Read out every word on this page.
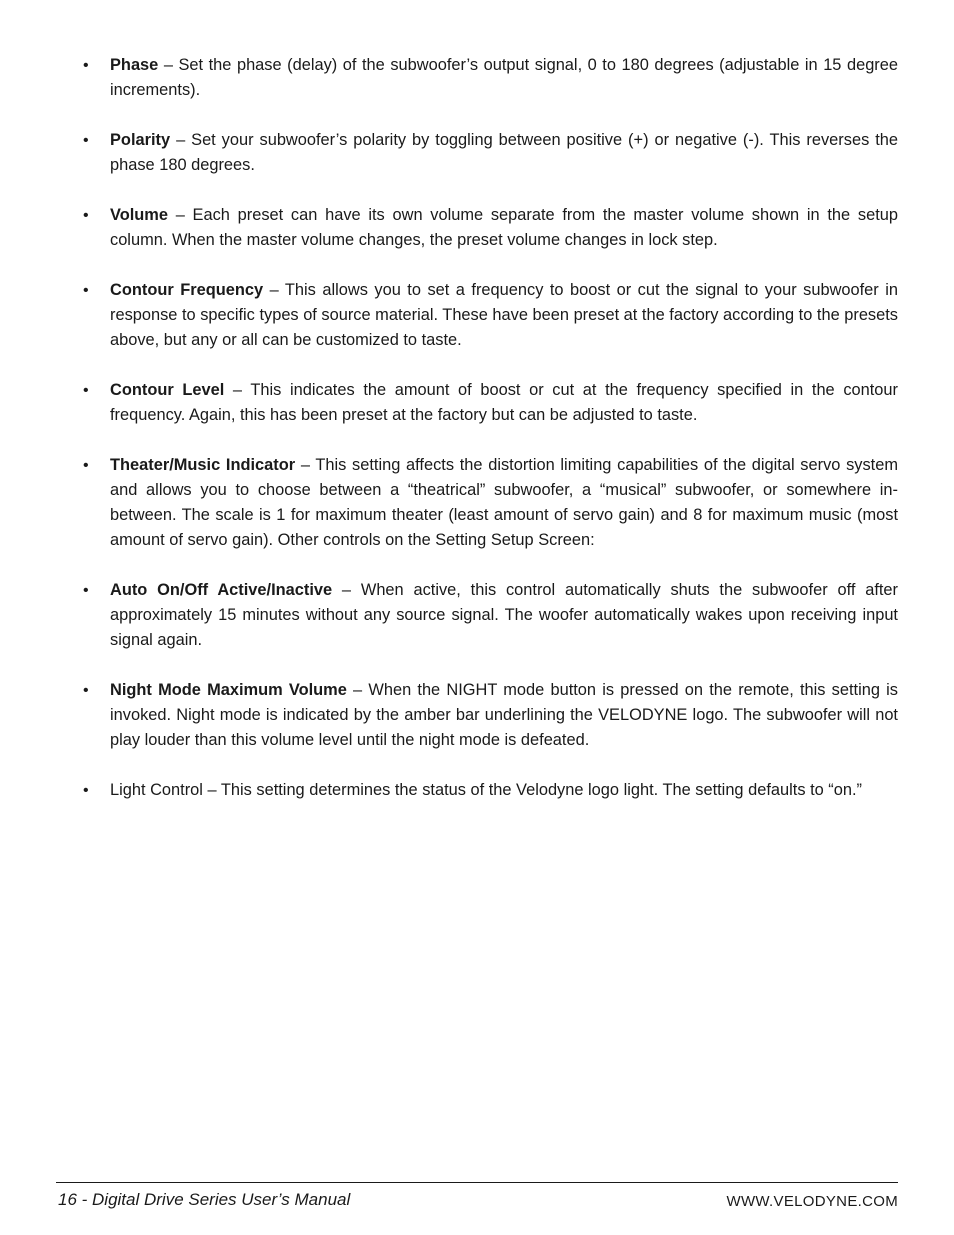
•	Phase – Set the phase (delay) of the subwoofer’s output signal, 0 to 180 degrees (adjustable in 15 degree increments).
•	Polarity – Set your subwoofer’s polarity by toggling between positive (+) or negative (-). This reverses the phase 180 degrees.
•	Volume – Each preset can have its own volume separate from the master volume shown in the setup column. When the master volume changes, the preset volume changes in lock step.
•	Contour Frequency – This allows you to set a frequency to boost or cut the signal to your subwoofer in response to specific types of source material. These have been preset at the factory according to the presets above, but any or all can be customized to taste.
•	Contour Level – This indicates the amount of boost or cut at the frequency specified in the contour frequency. Again, this has been preset at the factory but can be adjusted to taste.
•	Theater/Music Indicator – This setting affects the distortion limiting capabilities of the digital servo system and allows you to choose between a “theatrical” subwoofer, a “musical” subwoofer, or somewhere in-between. The scale is 1 for maximum theater (least amount of servo gain) and 8 for maximum music (most amount of servo gain). Other controls on the Setting Setup Screen:
•	Auto On/Off Active/Inactive – When active, this control automatically shuts the subwoofer off after approximately 15 minutes without any source signal. The woofer automatically wakes upon receiving input signal again.
•	Night Mode Maximum Volume – When the NIGHT mode button is pressed on the remote, this setting is invoked. Night mode is indicated by the amber bar underlining the VELODYNE logo. The subwoofer will not play louder than this volume level until the night mode is defeated.
•	Light Control – This setting determines the status of the Velodyne logo light. The setting defaults to “on.”
16 - Digital Drive Series User’s Manual	WWW.VELODYNE.COM
